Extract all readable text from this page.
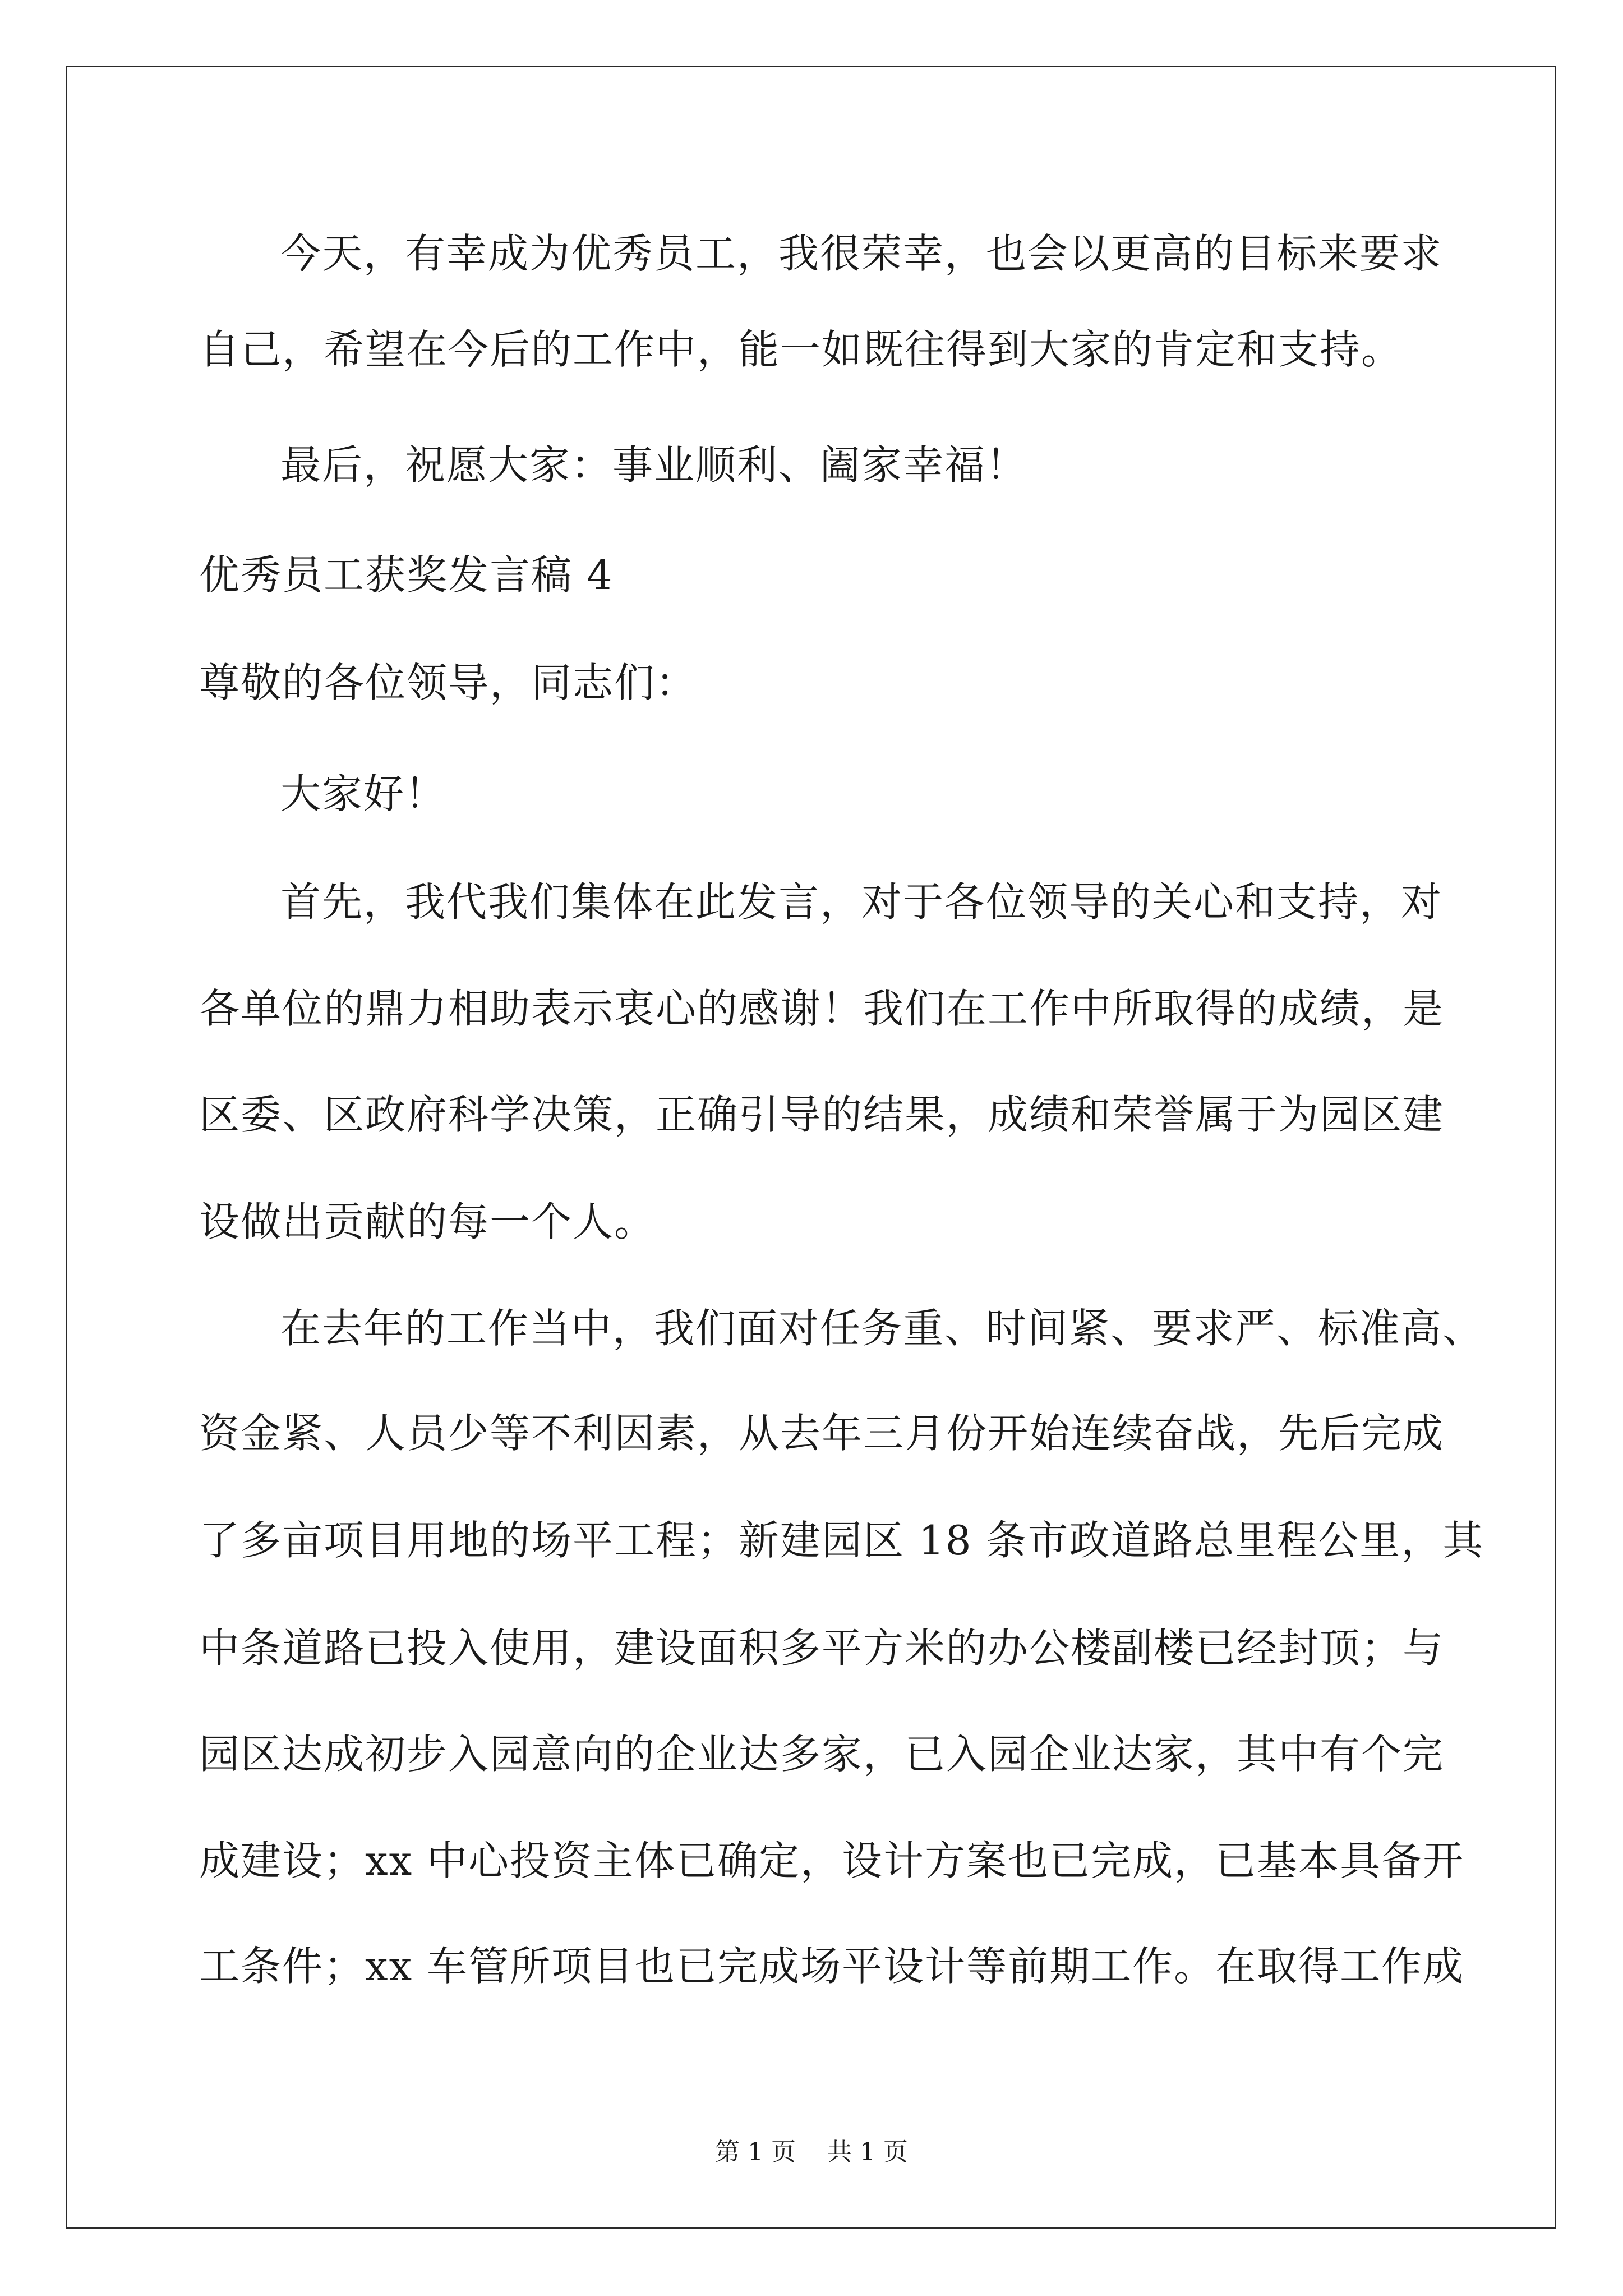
今天，有幸成为优秀员工，我很荣幸，也会以更高的目标来要求
自己，希望在今后的工作中，能一如既往得到大家的肯定和支持。
最后，祝愿大家：事业顺利、阖家幸福！
优秀员工获奖发言稿 4
尊敬的各位领导，同志们：
大家好！
首先，我代我们集体在此发言，对于各位领导的关心和支持，对
各单位的鼎力相助表示衷心的感谢！我们在工作中所取得的成绩，是
区委、区政府科学决策，正确引导的结果，成绩和荣誉属于为园区建
设做出贡献的每一个人。
在去年的工作当中，我们面对任务重、时间紧、要求严、标准高、
资金紧、人员少等不利因素，从去年三月份开始连续奋战，先后完成
了多亩项目用地的场平工程；新建园区 18 条市政道路总里程公里，其
中条道路已投入使用，建设面积多平方米的办公楼副楼已经封顶；与
园区达成初步入园意向的企业达多家，已入园企业达家，其中有个完
成建设；xx 中心投资主体已确定，设计方案也已完成，已基本具备开
工条件；xx 车管所项目也已完成场平设计等前期工作。在取得工作成
第 1 页    共 1 页
